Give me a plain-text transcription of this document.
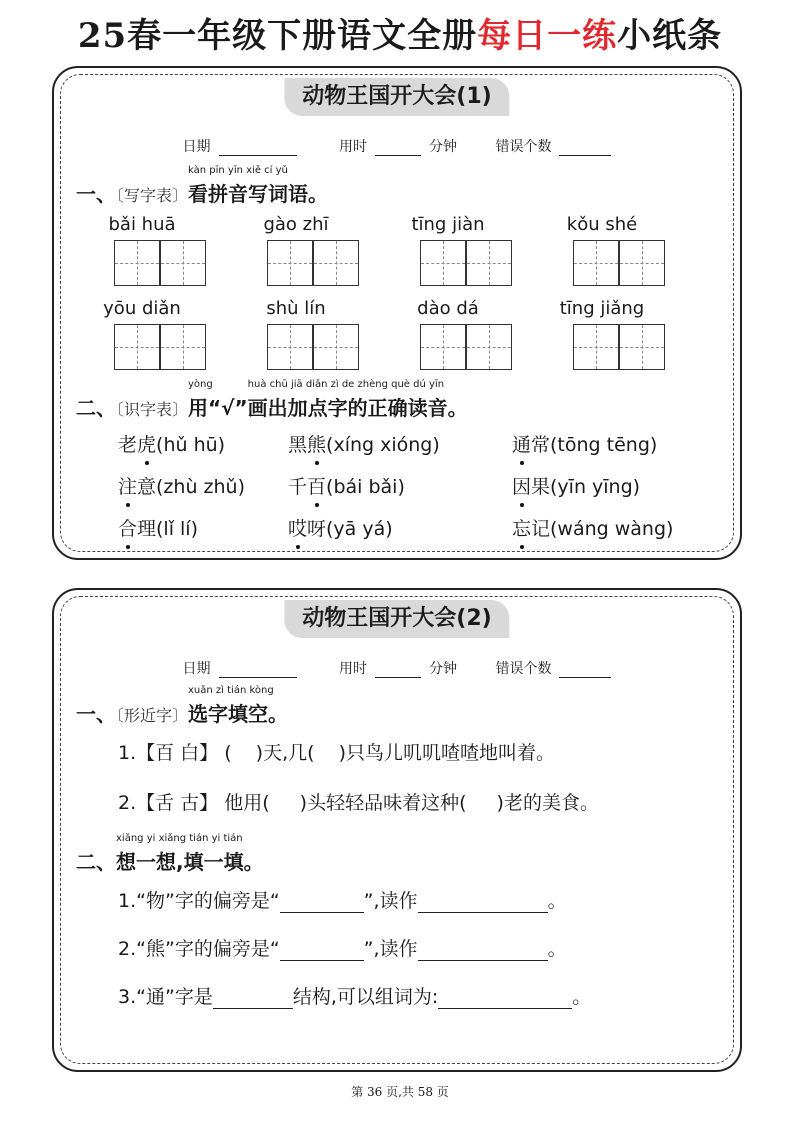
25春一年级下册语文全册每日一练小纸条
动物王国开大会(1)
日期	用时	分钟	错误个数
一、〔写字表〕
kàn pīn yīn xiě cí yǔ
看拼音写词语。
bǎi huā	gào zhī	tīng jiàn	kǒu shé
yōu diǎn	shù lín	dào dá	tīng jiǎng
二、〔识字表〕
yòng
用“√”
huà chū jiā diǎn zì de zhèng què dú yīn
画出加点字的正确读音。
老虎(hǔ hū)	黑熊(xíng xióng)	通常(tōng tēng)
注意(zhù zhǔ) 千百(bái bǎi)	因果(yīn yīng)
合理(lǐ lí)	哎呀(yā yá)	忘记(wáng wàng)
动物王国开大会(2)
日期	用时	分钟	错误个数
一、〔形近字〕
xuǎn zì tián kòng
选字填空。
1.【百 白】 ( )天,几( )只鸟儿叽叽喳喳地叫着。
2.【舌 古】 他用( )头轻轻品味着这种( )老的美食。
二、
xiǎng yi xiǎng tián yi tián
想一想,填一填。
1.“物”字的偏旁是“	”,读作	。
2.“熊”字的偏旁是“	”,读作	。
3.“通”字是	结构,可以组词为:	。
第 36 页,共 58 页
